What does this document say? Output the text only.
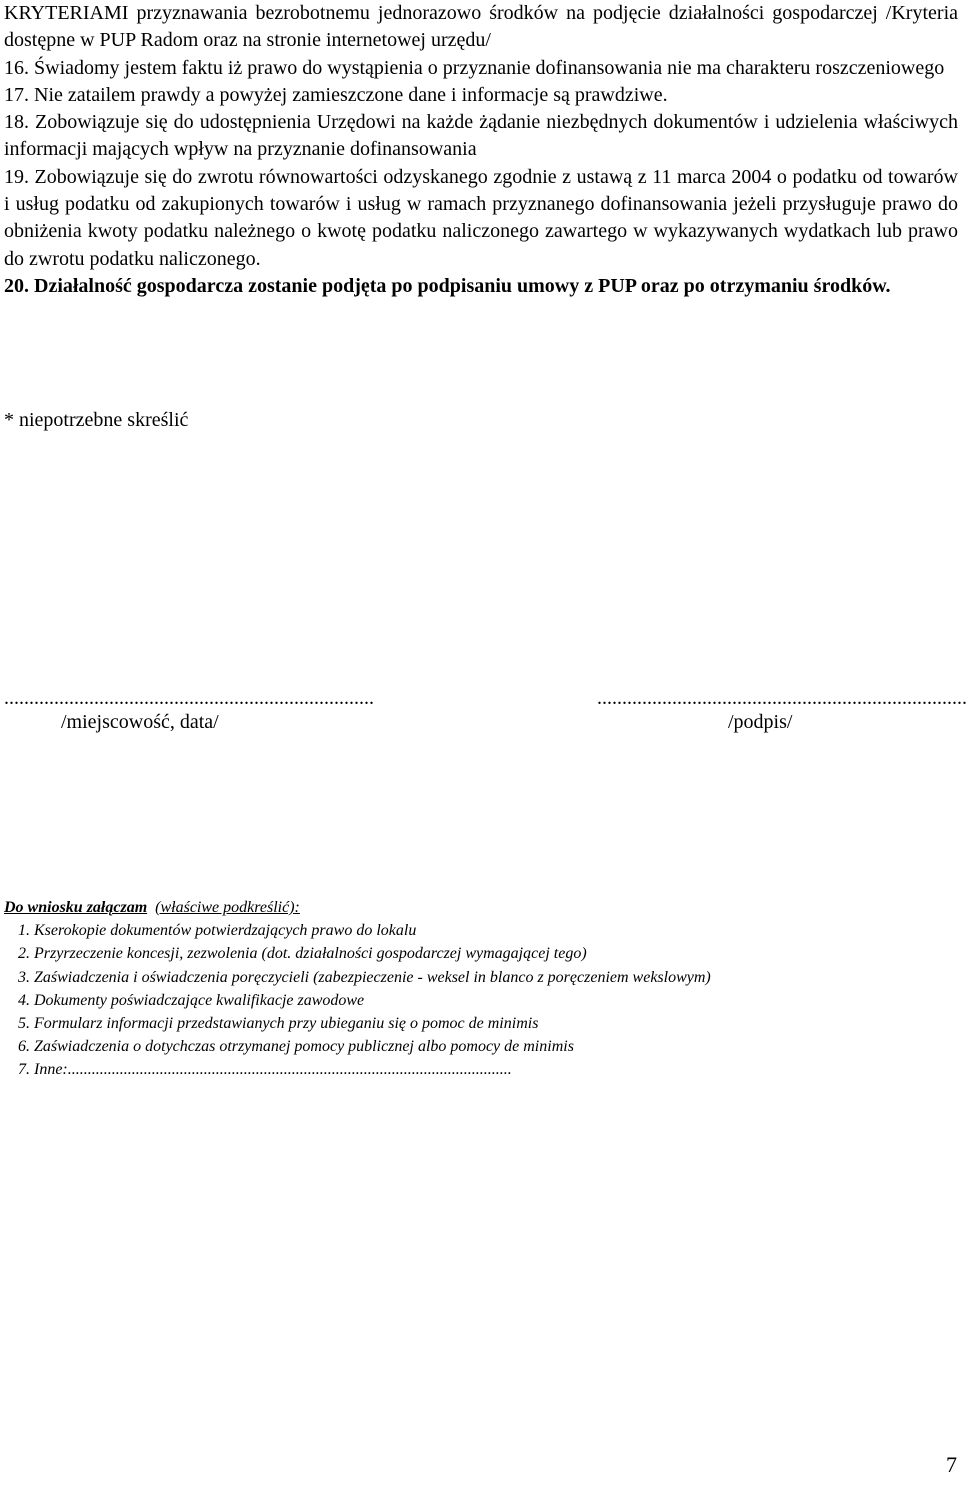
KRYTERIAMI przyznawania bezrobotnemu jednorazowo środków na podjęcie działalności gospodarczej /Kryteria dostępne w PUP Radom oraz na stronie internetowej urzędu/

16. Świadomy jestem faktu iż prawo do wystąpienia o przyznanie dofinansowania nie ma charakteru roszczeniowego

17. Nie zatailem prawdy a powyżej zamieszczone dane i informacje są prawdziwe.

18. Zobowiązuje się do udostępnienia Urzędowi na każde żądanie niezbędnych dokumentów i udzielenia właściwych informacji mających wpływ na przyznanie dofinansowania

19. Zobowiązuje się do zwrotu równowartości odzyskanego zgodnie z ustawą z 11 marca 2004 o podatku od towarów i usług podatku od zakupionych towarów i usług w ramach przyznanego dofinansowania jeżeli przysługuje prawo do obniżenia kwoty podatku należnego o kwotę podatku naliczonego zawartego w wykazywanych wydatkach lub prawo do zwrotu podatku naliczonego.

20. Działalność gospodarcza zostanie podjęta po podpisaniu umowy z PUP oraz po otrzymaniu środków.

* niepotrzebne skreślić

..........................................................................	..........................................................................

/miejscowość, data/	/podpis/

Do wniosku załączam (właściwe podkreślić):

1. Kserokopie dokumentów potwierdzających prawo do lokalu
2. Przyrzeczenie koncesji, zezwolenia (dot. działalności gospodarczej wymagającej tego)
3. Zaświadczenia i oświadczenia poręczycieli (zabezpieczenie - weksel in blanco z poręczeniem wekslowym)
4. Dokumenty poświadczające kwalifikacje zawodowe
5. Formularz informacji przedstawianych przy ubieganiu się o pomoc de minimis
6. Zaświadczenia o dotychczas otrzymanej pomocy publicznej albo pomocy de minimis
7. Inne:...............................................................................................................

7
